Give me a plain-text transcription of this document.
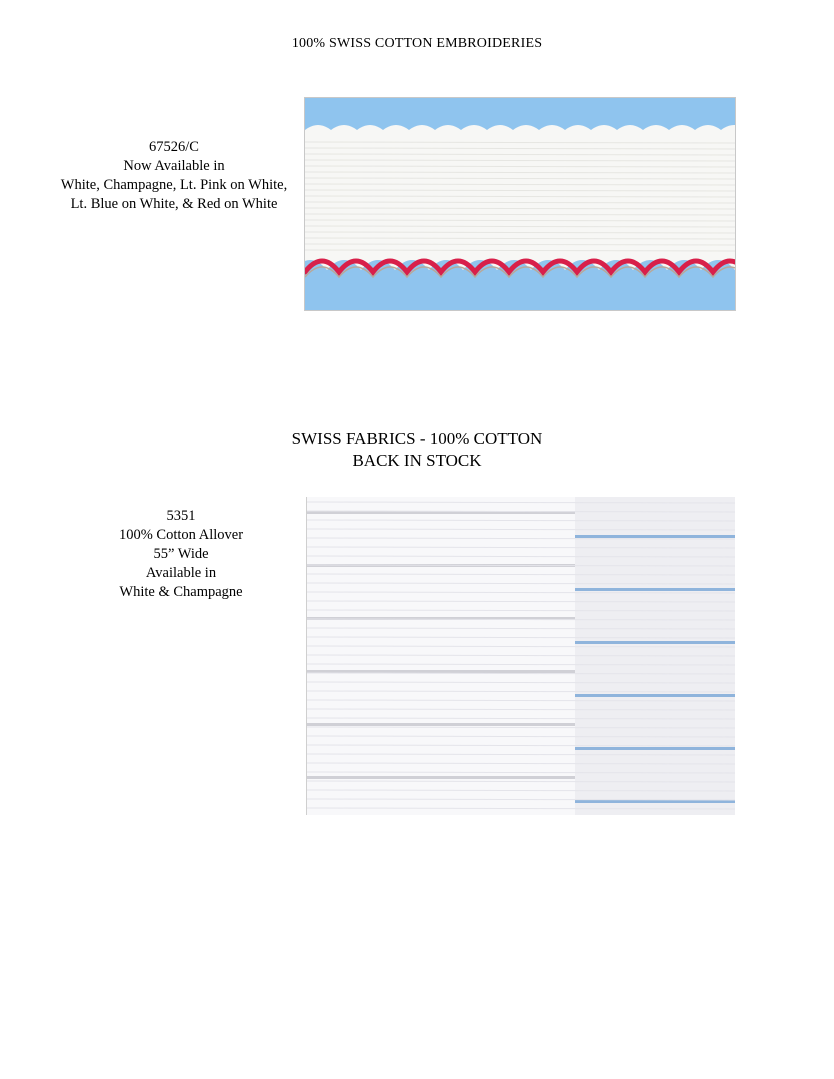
100% SWISS COTTON EMBROIDERIES
67526/C
Now Available in
White, Champagne, Lt. Pink on White,
Lt. Blue on White, & Red on White
SWISS FABRICS - 100% COTTON
BACK IN STOCK
5351
100% Cotton Allover
55” Wide
Available in
White & Champagne
